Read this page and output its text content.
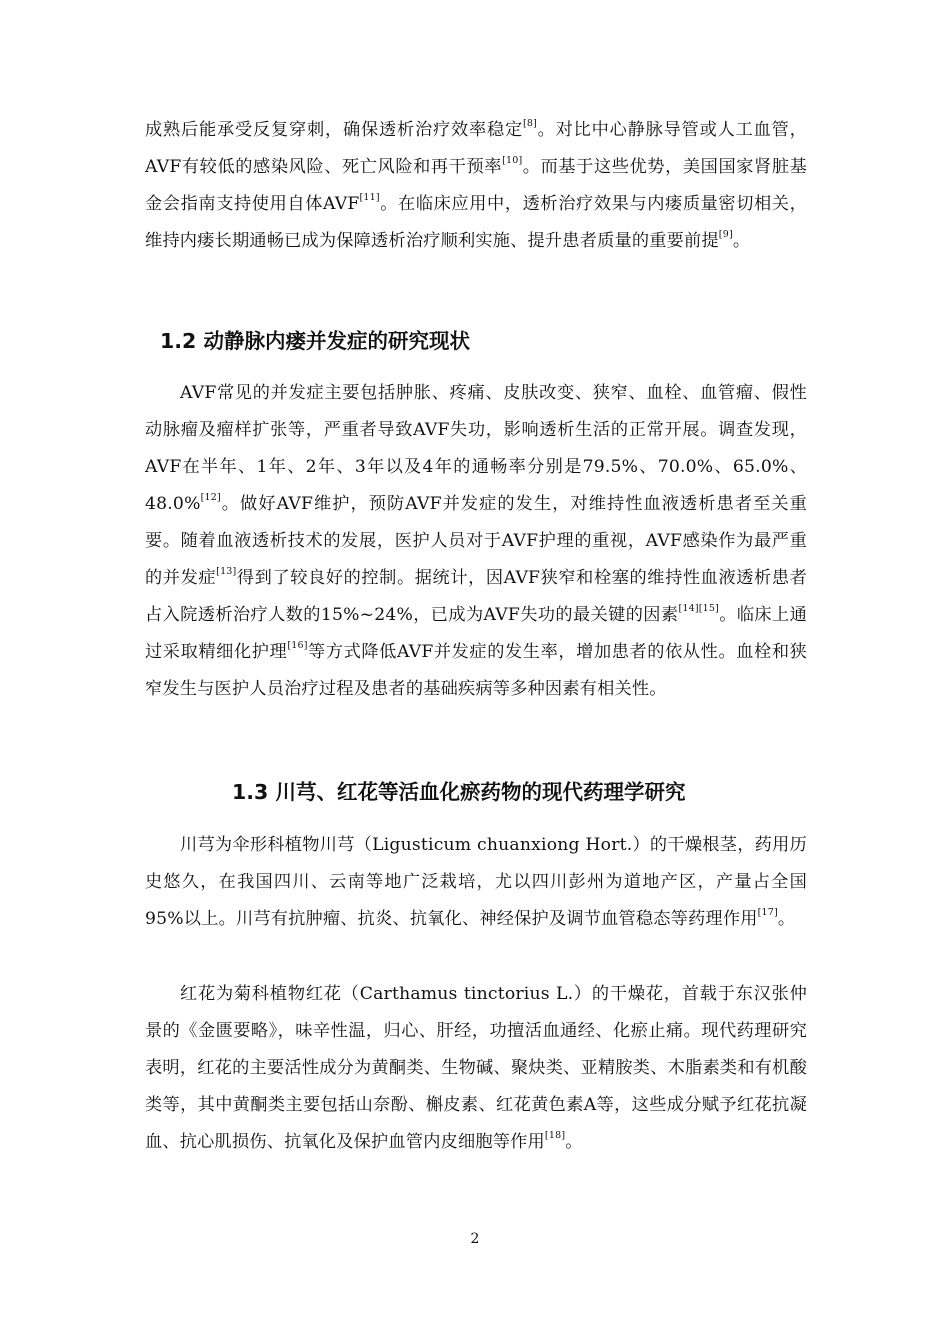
成熟后能承受反复穿刺，确保透析治疗效率稳定[8]。对比中心静脉导管或人工血管，AVF有较低的感染风险、死亡风险和再干预率[10]。而基于这些优势，美国国家肾脏基金会指南支持使用自体AVF[11]。在临床应用中，透析治疗效果与内瘘质量密切相关，维持内瘘长期通畅已成为保障透析治疗顺利实施、提升患者质量的重要前提[9]。

1.2 动静脉内瘘并发症的研究现状

AVF常见的并发症主要包括肿胀、疼痛、皮肤改变、狭窄、血栓、血管瘤、假性动脉瘤及瘤样扩张等，严重者导致AVF失功，影响透析生活的正常开展。调查发现，AVF在半年、1年、2年、3年以及4年的通畅率分别是79.5%、70.0%、65.0%、48.0%[12]。做好AVF维护，预防AVF并发症的发生，对维持性血液透析患者至关重要。随着血液透析技术的发展，医护人员对于AVF护理的重视，AVF感染作为最严重的并发症[13]得到了较良好的控制。据统计，因AVF狭窄和栓塞的维持性血液透析患者占入院透析治疗人数的15%~24%，已成为AVF失功的最关键的因素[14][15]。临床上通过采取精细化护理[16]等方式降低AVF并发症的发生率，增加患者的依从性。血栓和狭窄发生与医护人员治疗过程及患者的基础疾病等多种因素有相关性。

1.3 川芎、红花等活血化瘀药物的现代药理学研究

川芎为伞形科植物川芎（Ligusticum chuanxiong Hort.）的干燥根茎，药用历史悠久，在我国四川、云南等地广泛栽培，尤以四川彭州为道地产区，产量占全国95%以上。川芎有抗肿瘤、抗炎、抗氧化、神经保护及调节血管稳态等药理作用[17]。

红花为菊科植物红花（Carthamus tinctorius L.）的干燥花，首载于东汉张仲景的《金匮要略》，味辛性温，归心、肝经，功擅活血通经、化瘀止痛。现代药理研究表明，红花的主要活性成分为黄酮类、生物碱、聚炔类、亚精胺类、木脂素类和有机酸类等，其中黄酮类主要包括山奈酚、槲皮素、红花黄色素A等，这些成分赋予红花抗凝血、抗心肌损伤、抗氧化及保护血管内皮细胞等作用[18]。

2
